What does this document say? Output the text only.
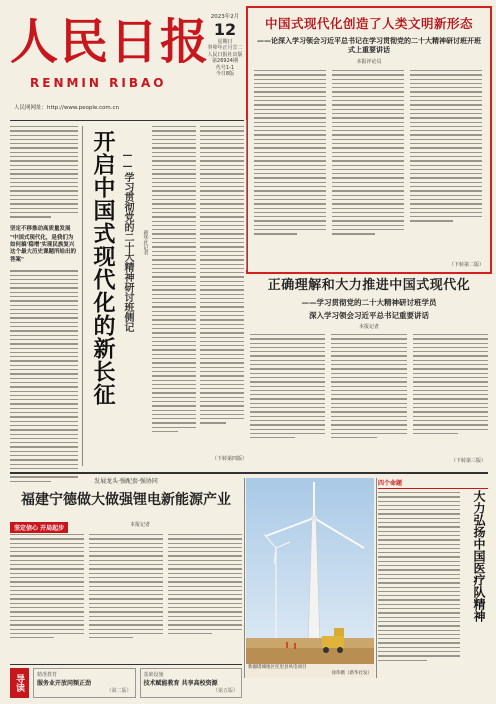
人民日报
RENMIN RIBAO
人民网网址：http://www.people.com.cn
2023年2月
12
星期日
癸卯年正月廿二
人民日报社出版
第26924期
代号1-1
今日8版
中国式现代化创造了人类文明新形态
——论深入学习领会习近平总书记在学习贯彻党的二十大精神研讨班开班式上重要讲话
本报评论员
（下转第二版）
坚定不移推动高质量发展
"中国式现代化，是我们为如何搞‘稳增’实现民族复兴这个最大历史课题所给出的答案"	开启中国式现代化的新长征 ——学习贯彻党的二十大精神研讨班侧记	新华社记者
（下转第四版）
正确理解和大力推进中国式现代化
——学习贯彻党的二十大精神研讨班学员
深入学习领会习近平总书记重要讲话
本报记者
（下转第三版）
发展龙头·强配套·强协同
福建宁德做大做强锂电新能源产业
坚定信心 开局起步	本报记者
新疆塔城地区托里县风电项目
徐伟摄（新华社发）
四个命题
大力弘扬中国医疗队精神
导读	精准教育
服务业开放同频正劲
（第二版）
基础设施
技术赋能教育 共享高校资源
（第五版）
